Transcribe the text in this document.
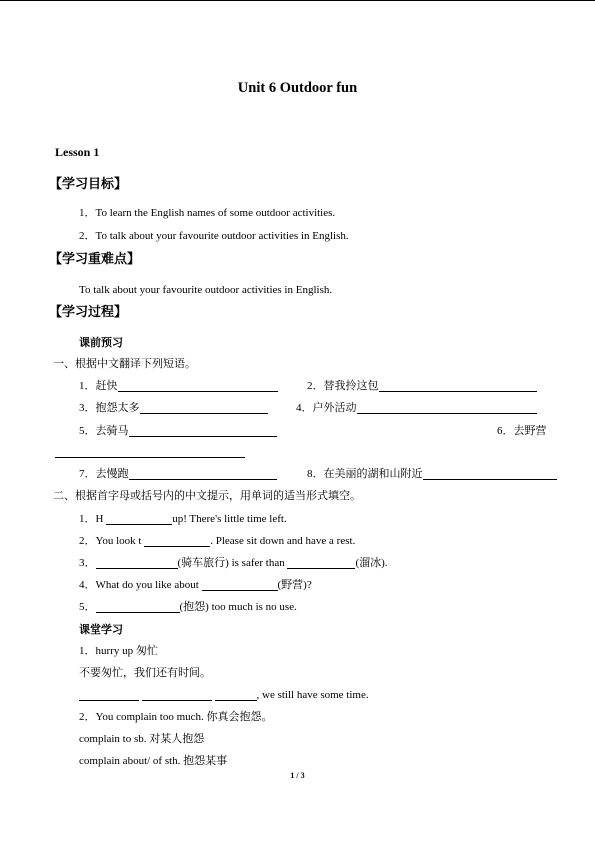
Unit 6 Outdoor fun
Lesson 1
【学习目标】
1．To learn the English names of some outdoor activities.
2．To talk about your favourite outdoor activities in English.
【学习重难点】
To talk about your favourite outdoor activities in English.
【学习过程】
课前预习
一、根据中文翻译下列短语。
1．赶快	2．替我拎这包
3．抱怨太多	4．户外活动
5．去骑马	6．去野营
7．去慢跑	8．在美丽的湖和山附近
二、根据首字母或括号内的中文提示，用单词的适当形式填空。
1．H	up! There's little time left.
2．You look t	. Please sit down and have a rest.
3．	(骑车旅行) is safer than	(溜冰).
4．What do you like about	(野营)?
5．	(抱怨) too much is no use.
课堂学习
1．hurry up 匆忙
不要匆忙，我们还有时间。
, we still have some time.
2．You complain too much. 你真会抱怨。
complain to sb. 对某人抱怨
complain about/ of sth. 抱怨某事
1 / 3
